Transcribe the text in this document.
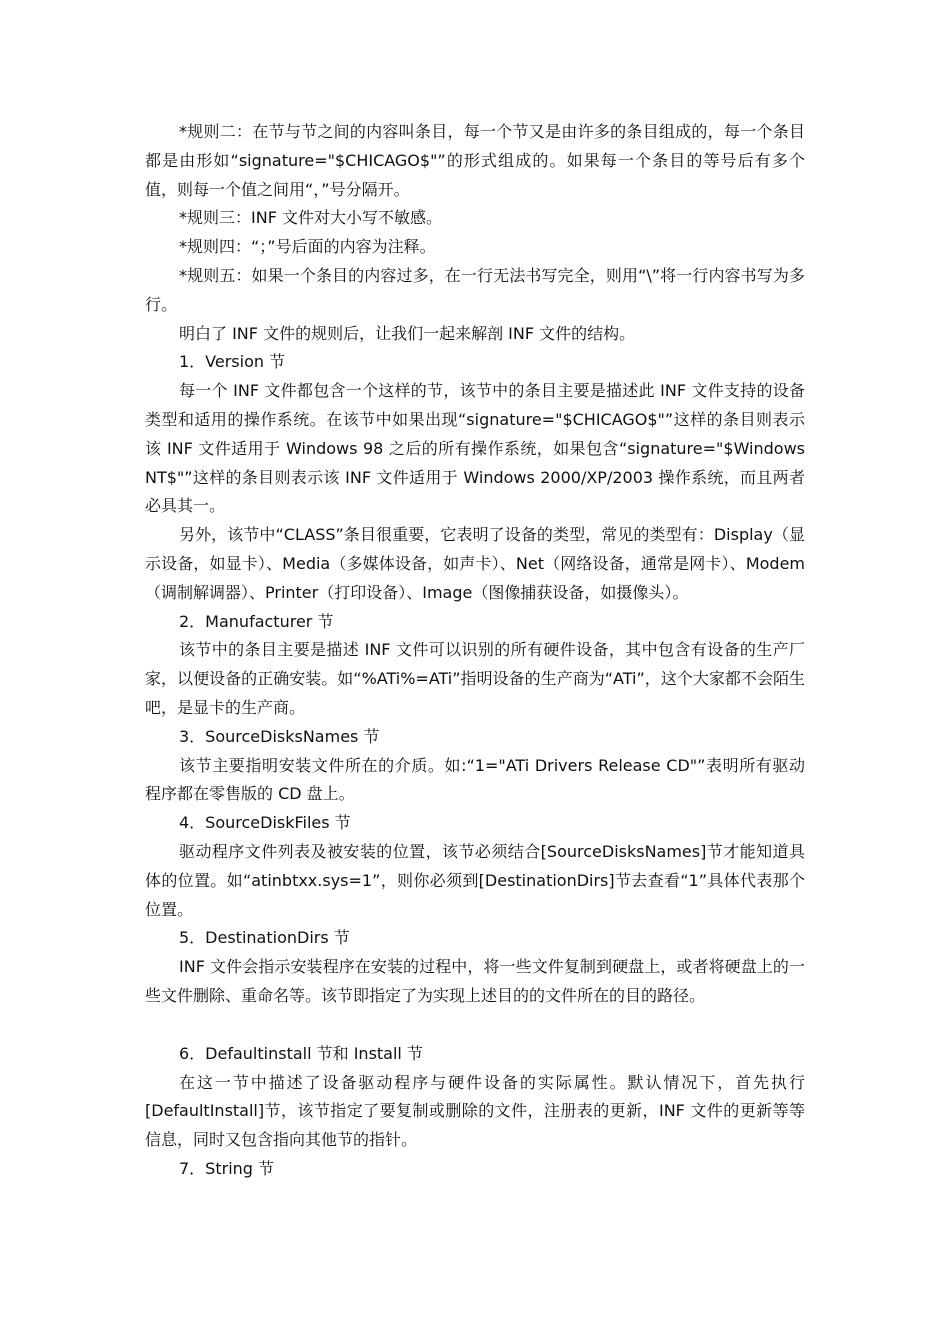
*规则二：在节与节之间的内容叫条目，每一个节又是由许多的条目组成的，每一个条目都是由形如“signature="$CHICAGO$"”的形式组成的。如果每一个条目的等号后有多个值，则每一个值之间用“，”号分隔开。

*规则三：INF 文件对大小写不敏感。

*规则四：“；”号后面的内容为注释。

*规则五：如果一个条目的内容过多，在一行无法书写完全，则用“\”将一行内容书写为多行。

明白了 INF 文件的规则后，让我们一起来解剖 INF 文件的结构。

1．Version 节

每一个 INF 文件都包含一个这样的节，该节中的条目主要是描述此 INF 文件支持的设备类型和适用的操作系统。在该节中如果出现“signature="$CHICAGO$"”这样的条目则表示该 INF 文件适用于 Windows 98 之后的所有操作系统，如果包含“signature="$Windows NT$"”这样的条目则表示该 INF 文件适用于 Windows 2000/XP/2003 操作系统，而且两者必具其一。

另外，该节中“CLASS”条目很重要，它表明了设备的类型，常见的类型有：Display（显示设备，如显卡）、Media（多媒体设备，如声卡）、Net（网络设备，通常是网卡）、Modem（调制解调器）、Printer（打印设备）、Image（图像捕获设备，如摄像头）。

2．Manufacturer 节

该节中的条目主要是描述 INF 文件可以识别的所有硬件设备，其中包含有设备的生产厂家，以便设备的正确安装。如“%ATi%=ATi”指明设备的生产商为“ATi”，这个大家都不会陌生吧，是显卡的生产商。

3．SourceDisksNames 节

该节主要指明安装文件所在的介质。如:“1="ATi Drivers Release CD"”表明所有驱动程序都在零售版的 CD 盘上。

4．SourceDiskFiles 节

驱动程序文件列表及被安装的位置，该节必须结合[SourceDisksNames]节才能知道具体的位置。如“atinbtxx.sys=1”，则你必须到[DestinationDirs]节去查看“1”具体代表那个位置。

5．DestinationDirs 节

INF 文件会指示安装程序在安装的过程中，将一些文件复制到硬盘上，或者将硬盘上的一些文件删除、重命名等。该节即指定了为实现上述目的的文件所在的目的路径。

6．Defaultinstall 节和 Install 节

在这一节中描述了设备驱动程序与硬件设备的实际属性。默认情况下，首先执行[DefaultInstall]节，该节指定了要复制或删除的文件，注册表的更新，INF 文件的更新等等信息，同时又包含指向其他节的指针。

7．String 节
